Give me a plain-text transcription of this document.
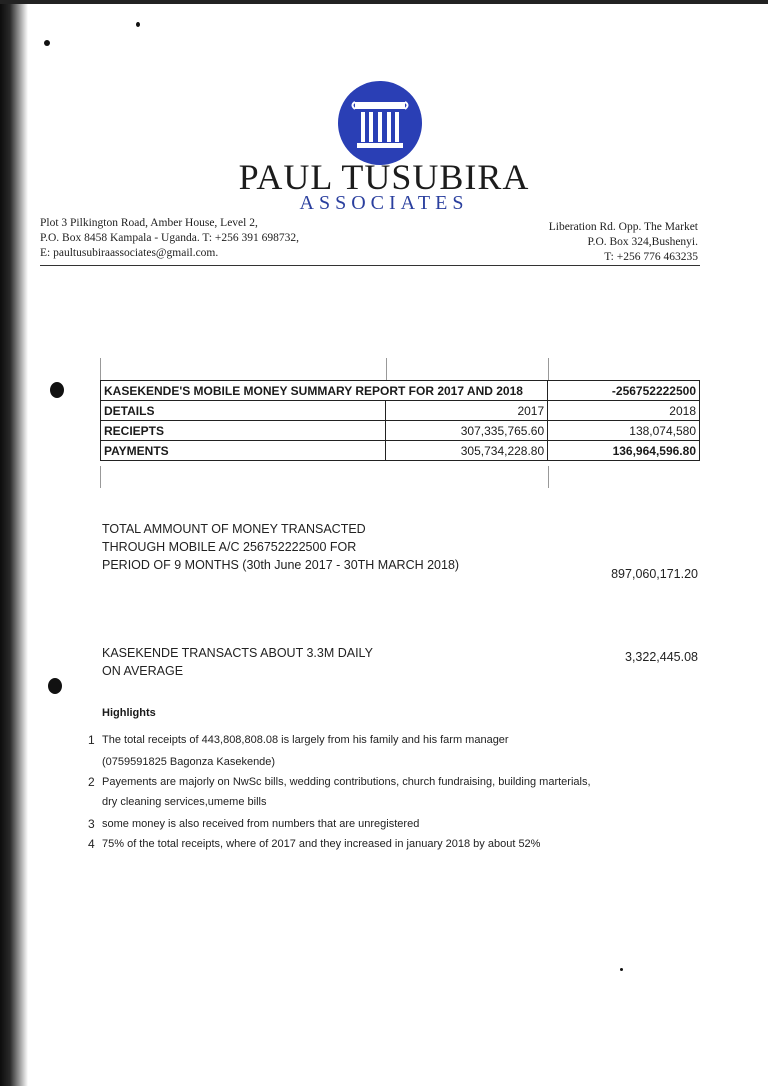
PAUL TUSUBIRA
ASSOCIATES
Plot 3 Pilkington Road, Amber House, Level 2,
P.O. Box 8458 Kampala - Uganda. T: +256 391 698732,
E: paultusubiraassociates@gmail.com.
Liberation Rd. Opp. The Market
P.O. Box 324,Bushenyi.
T: +256 776 463235
KASEKENDE'S MOBILE MONEY SUMMARY REPORT FOR 2017 AND 2018		-256752222500
DETAILS	2017	2018
RECIEPTS	307,335,765.60	138,074,580
PAYMENTS	305,734,228.80	136,964,596.80
TOTAL AMMOUNT OF MONEY TRANSACTED
THROUGH MOBILE A/C 256752222500 FOR
PERIOD OF 9 MONTHS (30th June 2017 - 30TH MARCH 2018)
897,060,171.20
KASEKENDE TRANSACTS ABOUT 3.3M DAILY
ON AVERAGE
3,322,445.08
Highlights
1 The total receipts of 443,808,808.08 is largely from his family and his farm manager
(0759591825 Bagonza Kasekende)
2 Payements are majorly on NwSc bills, wedding contributions, church fundraising, building marterials,
dry cleaning services,umeme bills
3 some money is also received from numbers that are unregistered
4 75% of the total receipts, where of 2017 and they increased in january 2018 by about 52%
